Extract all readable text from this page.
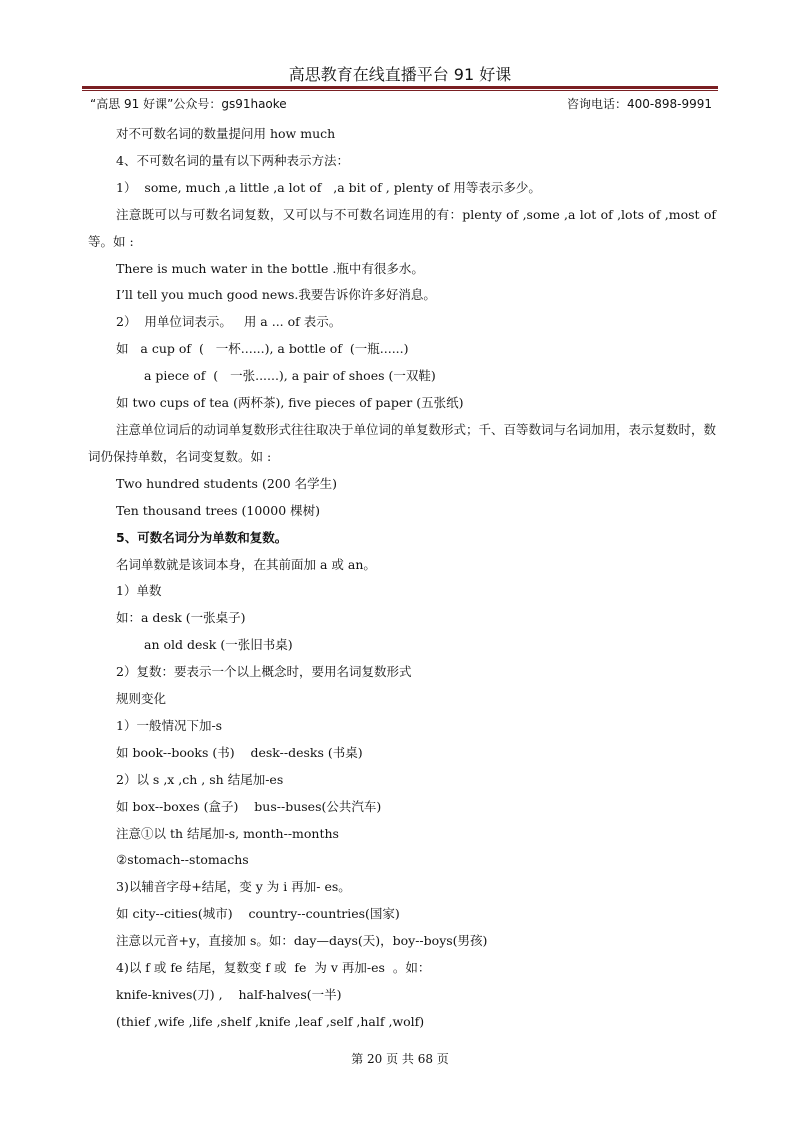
高思教育在线直播平台 91 好课
“高思 91 好课”公众号：gs91haoke	咨询电话：400-898-9991

对不可数名词的数量提问用 how much

4、不可数名词的量有以下两种表示方法：

1）  some, much ,a little ,a lot of   ,a bit of , plenty of 用等表示多少。

注意既可以与可数名词复数，又可以与不可数名词连用的有：plenty of ,some ,a lot of ,lots of ,most of 等。如 :

There is much water in the bottle .瓶中有很多水。

I’ll tell you much good news.我要告诉你许多好消息。

2）  用单位词表示。   用 a ... of 表示。

如   a cup of  (   一杯......), a bottle of  (一瓶......)

a piece of  (   一张......), a pair of shoes (一双鞋)

如 two cups of tea (两杯茶), five pieces of paper (五张纸)

注意单位词后的动词单复数形式往往取决于单位词的单复数形式；千、百等数词与名词加用，表示复数时，数词仍保持单数，名词变复数。如 :

Two hundred students (200 名学生)

Ten thousand trees (10000 棵树)

5、可数名词分为单数和复数。

名词单数就是该词本身，在其前面加 a 或 an。

1）单数

如：a desk (一张桌子)

an old desk (一张旧书桌)

2）复数：要表示一个以上概念时，要用名词复数形式

规则变化

1）一般情况下加-s

如 book--books (书)    desk--desks (书桌)

2）以 s ,x ,ch , sh 结尾加-es

如 box--boxes (盒子)    bus--buses(公共汽车)

注意①以 th 结尾加-s, month--months

②stomach--stomachs

3)以辅音字母+结尾，变 y 为 i 再加- es。

如 city--cities(城市)    country--countries(国家)

注意以元音+y，直接加 s。如：day—days(天)，boy--boys(男孩)

4)以 f 或 fe 结尾，复数变 f 或  fe  为 v 再加-es  。如：

knife-knives(刀) ,    half-halves(一半)

(thief ,wife ,life ,shelf ,knife ,leaf ,self ,half ,wolf)

第 20 页 共 68 页
